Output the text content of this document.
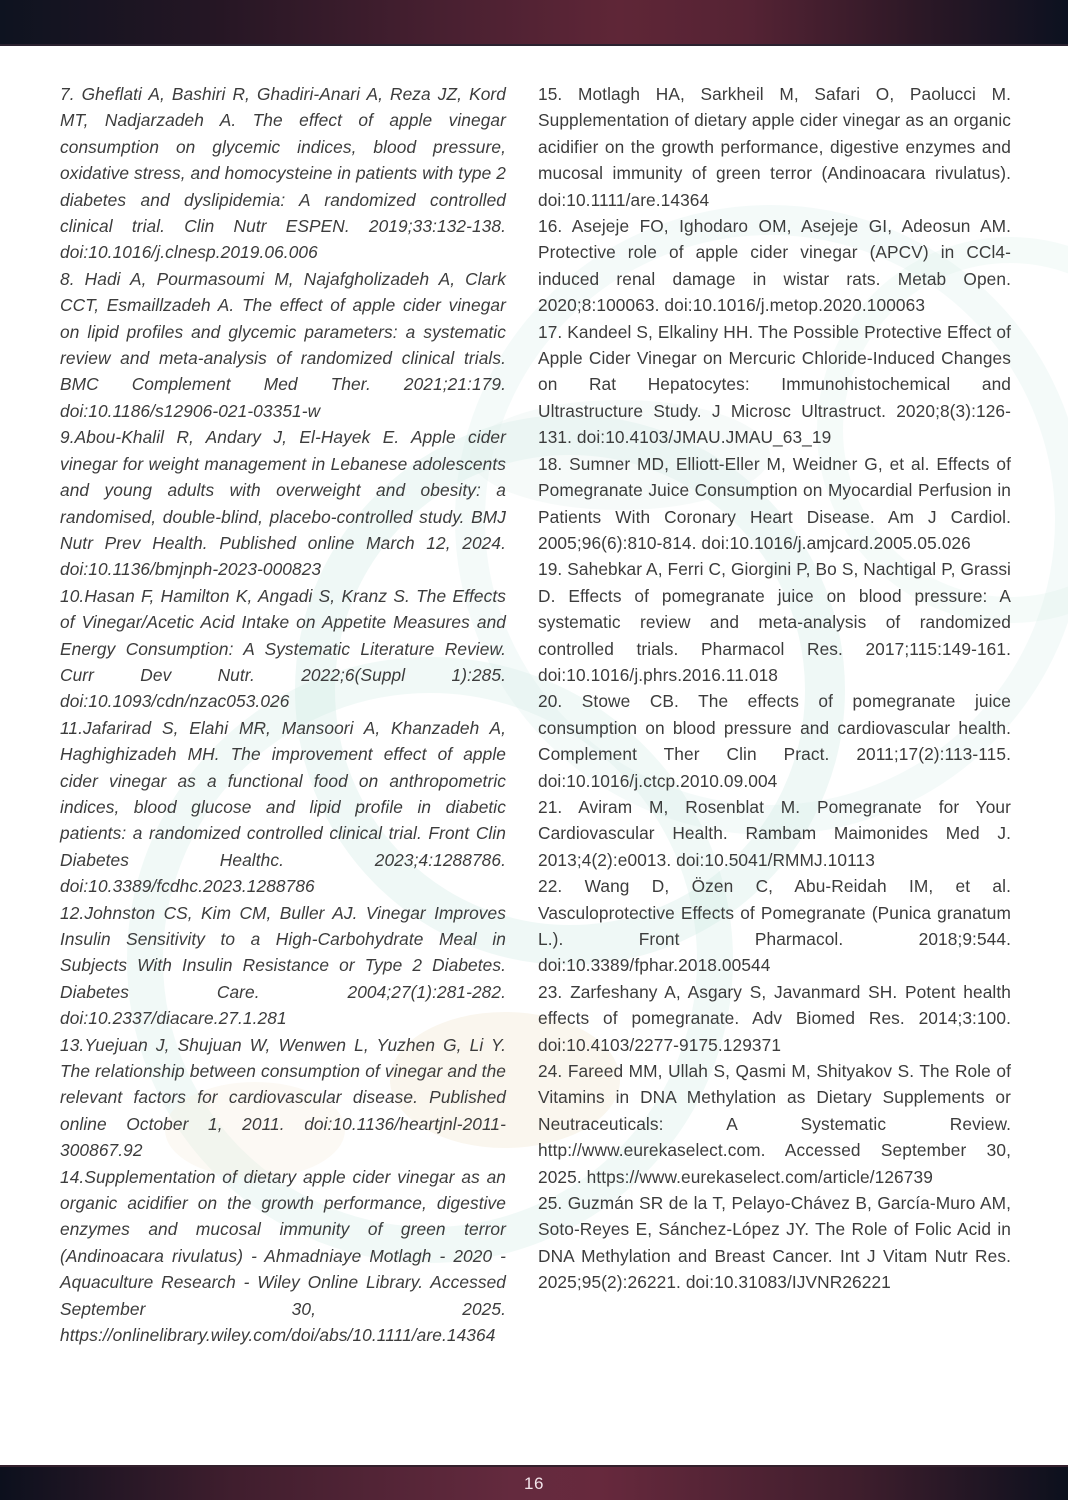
7. Gheflati A, Bashiri R, Ghadiri-Anari A, Reza JZ, Kord MT, Nadjarzadeh A. The effect of apple vinegar consumption on glycemic indices, blood pressure, oxidative stress, and homocysteine in patients with type 2 diabetes and dyslipidemia: A randomized controlled clinical trial. Clin Nutr ESPEN. 2019;33:132-138. doi:10.1016/j.clnesp.2019.06.006

8. Hadi A, Pourmasoumi M, Najafgholizadeh A, Clark CCT, Esmaillzadeh A. The effect of apple cider vinegar on lipid profiles and glycemic parameters: a systematic review and meta-analysis of randomized clinical trials. BMC Complement Med Ther. 2021;21:179. doi:10.1186/s12906-021-03351-w

9.Abou-Khalil R, Andary J, El-Hayek E. Apple cider vinegar for weight management in Lebanese adolescents and young adults with overweight and obesity: a randomised, double-blind, placebo-controlled study. BMJ Nutr Prev Health. Published online March 12, 2024. doi:10.1136/bmjnph-2023-000823

10.Hasan F, Hamilton K, Angadi S, Kranz S. The Effects of Vinegar/Acetic Acid Intake on Appetite Measures and Energy Consumption: A Systematic Literature Review. Curr Dev Nutr. 2022;6(Suppl 1):285. doi:10.1093/cdn/nzac053.026

11.Jafarirad S, Elahi MR, Mansoori A, Khanzadeh A, Haghighizadeh MH. The improvement effect of apple cider vinegar as a functional food on anthropometric indices, blood glucose and lipid profile in diabetic patients: a randomized controlled clinical trial. Front Clin Diabetes Healthc. 2023;4:1288786. doi:10.3389/fcdhc.2023.1288786

12.Johnston CS, Kim CM, Buller AJ. Vinegar Improves Insulin Sensitivity to a High-Carbohydrate Meal in Subjects With Insulin Resistance or Type 2 Diabetes. Diabetes Care. 2004;27(1):281-282. doi:10.2337/diacare.27.1.281

13.Yuejuan J, Shujuan W, Wenwen L, Yuzhen G, Li Y. The relationship between consumption of vinegar and the relevant factors for cardiovascular disease. Published online October 1, 2011. doi:10.1136/heartjnl-2011-300867.92

14.Supplementation of dietary apple cider vinegar as an organic acidifier on the growth performance, digestive enzymes and mucosal immunity of green terror (Andinoacara rivulatus) - Ahmadniaye Motlagh - 2020 - Aquaculture Research - Wiley Online Library. Accessed September 30, 2025. https://onlinelibrary.wiley.com/doi/abs/10.1111/are.14364

15. Motlagh HA, Sarkheil M, Safari O, Paolucci M. Supplementation of dietary apple cider vinegar as an organic acidifier on the growth performance, digestive enzymes and mucosal immunity of green terror (Andinoacara rivulatus). doi:10.1111/are.14364

16. Asejeje FO, Ighodaro OM, Asejeje GI, Adeosun AM. Protective role of apple cider vinegar (APCV) in CCl4-induced renal damage in wistar rats. Metab Open. 2020;8:100063. doi:10.1016/j.metop.2020.100063

17. Kandeel S, Elkaliny HH. The Possible Protective Effect of Apple Cider Vinegar on Mercuric Chloride-Induced Changes on Rat Hepatocytes: Immunohistochemical and Ultrastructure Study. J Microsc Ultrastruct. 2020;8(3):126-131. doi:10.4103/JMAU.JMAU_63_19

18. Sumner MD, Elliott-Eller M, Weidner G, et al. Effects of Pomegranate Juice Consumption on Myocardial Perfusion in Patients With Coronary Heart Disease. Am J Cardiol. 2005;96(6):810-814. doi:10.1016/j.amjcard.2005.05.026

19. Sahebkar A, Ferri C, Giorgini P, Bo S, Nachtigal P, Grassi D. Effects of pomegranate juice on blood pressure: A systematic review and meta-analysis of randomized controlled trials. Pharmacol Res. 2017;115:149-161. doi:10.1016/j.phrs.2016.11.018

20. Stowe CB. The effects of pomegranate juice consumption on blood pressure and cardiovascular health. Complement Ther Clin Pract. 2011;17(2):113-115. doi:10.1016/j.ctcp.2010.09.004

21. Aviram M, Rosenblat M. Pomegranate for Your Cardiovascular Health. Rambam Maimonides Med J. 2013;4(2):e0013. doi:10.5041/RMMJ.10113

22. Wang D, Özen C, Abu-Reidah IM, et al. Vasculoprotective Effects of Pomegranate (Punica granatum L.). Front Pharmacol. 2018;9:544. doi:10.3389/fphar.2018.00544

23. Zarfeshany A, Asgary S, Javanmard SH. Potent health effects of pomegranate. Adv Biomed Res. 2014;3:100. doi:10.4103/2277-9175.129371

24. Fareed MM, Ullah S, Qasmi M, Shityakov S. The Role of Vitamins in DNA Methylation as Dietary Supplements or Neutraceuticals: A Systematic Review. http://www.eurekaselect.com. Accessed September 30, 2025. https://www.eurekaselect.com/article/126739

25. Guzmán SR de la T, Pelayo-Chávez B, García-Muro AM, Soto-Reyes E, Sánchez-López JY. The Role of Folic Acid in DNA Methylation and Breast Cancer. Int J Vitam Nutr Res. 2025;95(2):26221. doi:10.31083/IJVNR26221

16
